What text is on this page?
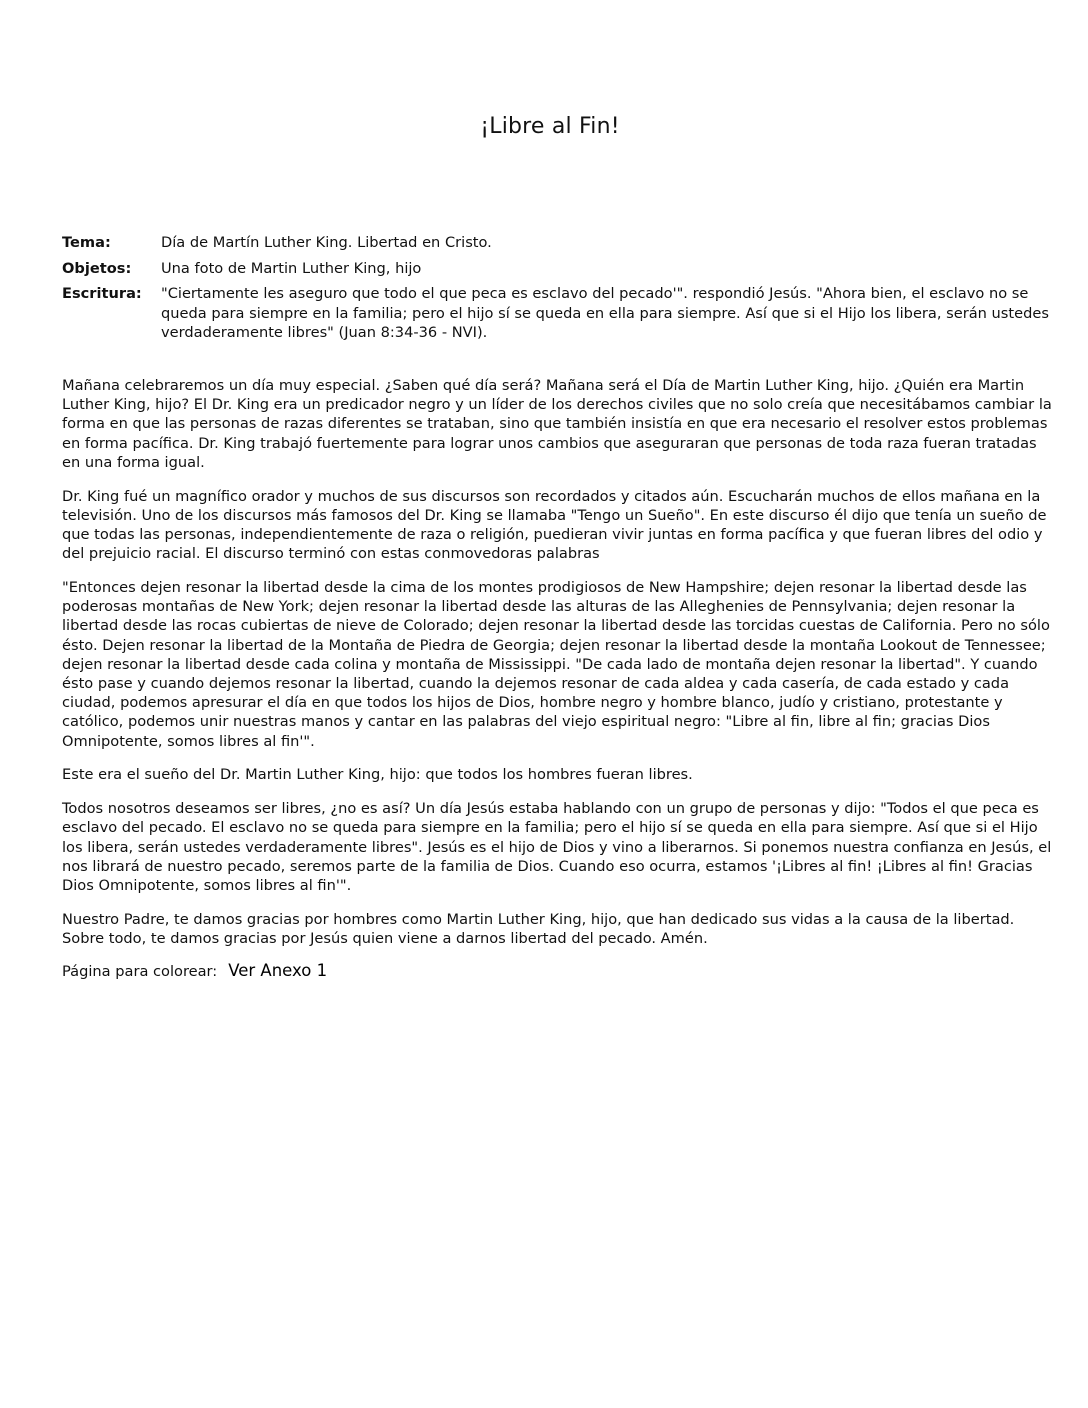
¡Libre al Fin!
Tema:	Día de Martín Luther King. Libertad en Cristo.
Objetos:	Una foto de Martin Luther King, hijo
Escritura:	"Ciertamente les aseguro que todo el que peca es esclavo del pecado'". respondió Jesús. "Ahora bien, el esclavo no se queda para siempre en la familia; pero el hijo sí se queda en ella para siempre. Así que si el Hijo los libera, serán ustedes verdaderamente libres" (Juan 8:34-36 - NVI).

Mañana celebraremos un día muy especial. ¿Saben qué día será? Mañana será el Día de Martin Luther King, hijo. ¿Quién era Martin Luther King, hijo? El Dr. King era un predicador negro y un líder de los derechos civiles que no solo creía que necesitábamos cambiar la forma en que las personas de razas diferentes se trataban, sino que también insistía en que era necesario el resolver estos problemas en forma pacífica. Dr. King trabajó fuertemente para lograr unos cambios que aseguraran que personas de toda raza fueran tratadas en una forma igual.

Dr. King fué un magnífico orador y muchos de sus discursos son recordados y citados aún. Escucharán muchos de ellos mañana en la televisión. Uno de los discursos más famosos del Dr. King se llamaba "Tengo un Sueño". En este discurso él dijo que tenía un sueño de que todas las personas, independientemente de raza o religión, puedieran vivir juntas en forma pacífica y que fueran libres del odio y del prejuicio racial. El discurso terminó con estas conmovedoras palabras

"Entonces dejen resonar la libertad desde la cima de los montes prodigiosos de New Hampshire; dejen resonar la libertad desde las poderosas montañas de New York; dejen resonar la libertad desde las alturas de las Alleghenies de Pennsylvania; dejen resonar la libertad desde las rocas cubiertas de nieve de Colorado; dejen resonar la libertad desde las torcidas cuestas de California. Pero no sólo ésto. Dejen resonar la libertad de la Montaña de Piedra de Georgia; dejen resonar la libertad desde la montaña Lookout de Tennessee; dejen resonar la libertad desde cada colina y montaña de Mississippi. "De cada lado de montaña dejen resonar la libertad". Y cuando ésto pase y cuando dejemos resonar la libertad, cuando la dejemos resonar de cada aldea y cada casería, de cada estado y cada ciudad, podemos apresurar el día en que todos los hijos de Dios, hombre negro y hombre blanco, judío y cristiano, protestante y católico, podemos unir nuestras manos y cantar en las palabras del viejo espiritual negro: "Libre al fin, libre al fin; gracias Dios Omnipotente, somos libres al fin'".

Este era el sueño del Dr. Martin Luther King, hijo: que todos los hombres fueran libres.

Todos nosotros deseamos ser libres, ¿no es así? Un día Jesús estaba hablando con un grupo de personas y dijo: "Todos el que peca es esclavo del pecado. El esclavo no se queda para siempre en la familia; pero el hijo sí se queda en ella para siempre. Así que si el Hijo los libera, serán ustedes verdaderamente libres". Jesús es el hijo de Dios y vino a liberarnos. Si ponemos nuestra confianza en Jesús, el nos librará de nuestro pecado, seremos parte de la familia de Dios. Cuando eso ocurra, estamos '¡Libres al fin! ¡Libres al fin! Gracias Dios Omnipotente, somos libres al fin'".

Nuestro Padre, te damos gracias por hombres como Martin Luther King, hijo, que han dedicado sus vidas a la causa de la libertad. Sobre todo, te damos gracias por Jesús quien viene a darnos libertad del pecado. Amén.

Página para colorear: Ver Anexo 1
